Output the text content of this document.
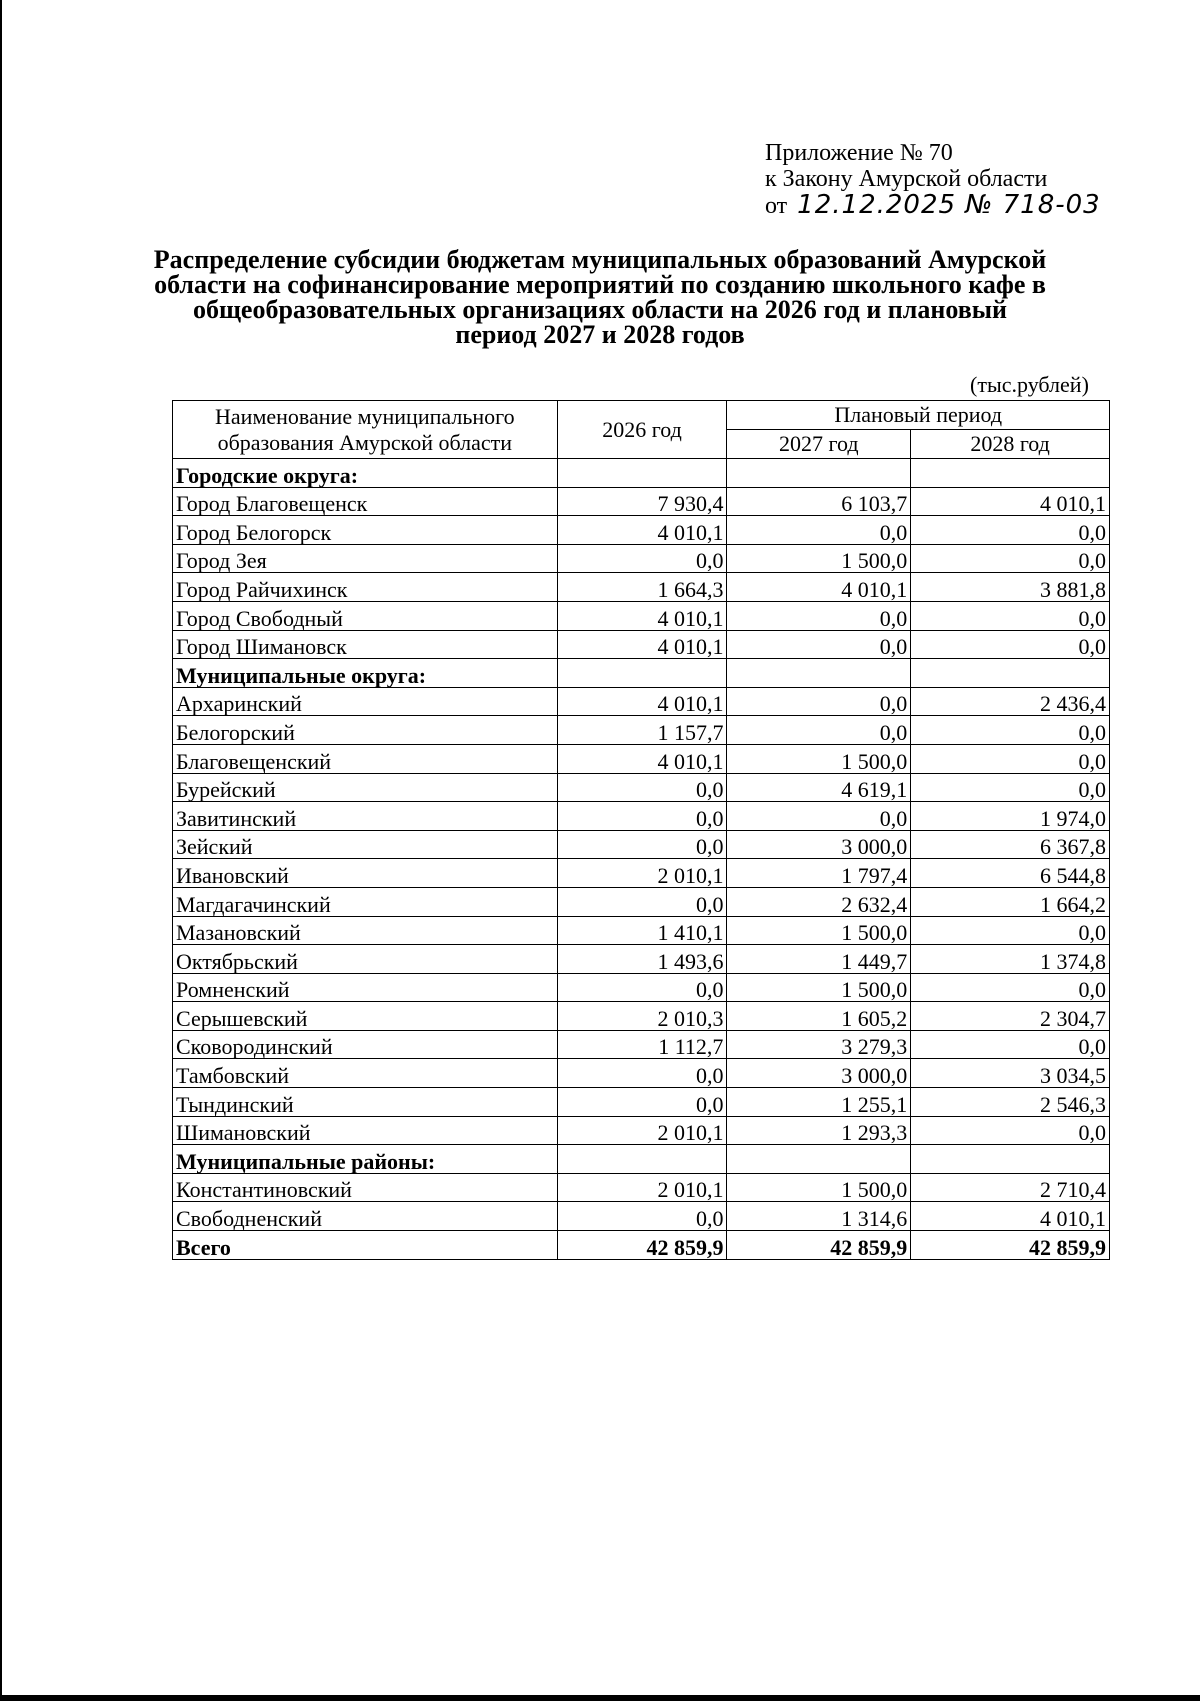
Приложение № 70
к Закону Амурской области
от 12.12.2025 № 718-03
Распределение субсидии бюджетам муниципальных образований Амурской области на софинансирование мероприятий по созданию школьного кафе в общеобразовательных организациях области на 2026 год и плановый период 2027 и 2028 годов
(тыс.рублей)
Наименование муниципального образования Амурской области	2026 год	Плановый период	
		2027 год	2028 год
Городские округа:			
Город Благовещенск	7 930,4	6 103,7	4 010,1
Город Белогорск	4 010,1	0,0	0,0
Город Зея	0,0	1 500,0	0,0
Город Райчихинск	1 664,3	4 010,1	3 881,8
Город Свободный	4 010,1	0,0	0,0
Город Шимановск	4 010,1	0,0	0,0
Муниципальные округа:			
Архаринский	4 010,1	0,0	2 436,4
Белогорский	1 157,7	0,0	0,0
Благовещенский	4 010,1	1 500,0	0,0
Бурейский	0,0	4 619,1	0,0
Завитинский	0,0	0,0	1 974,0
Зейский	0,0	3 000,0	6 367,8
Ивановский	2 010,1	1 797,4	6 544,8
Магдагачинский	0,0	2 632,4	1 664,2
Мазановский	1 410,1	1 500,0	0,0
Октябрьский	1 493,6	1 449,7	1 374,8
Ромненский	0,0	1 500,0	0,0
Серышевский	2 010,3	1 605,2	2 304,7
Сковородинский	1 112,7	3 279,3	0,0
Тамбовский	0,0	3 000,0	3 034,5
Тындинский	0,0	1 255,1	2 546,3
Шимановский	2 010,1	1 293,3	0,0
Муниципальные районы:			
Константиновский	2 010,1	1 500,0	2 710,4
Свободненский	0,0	1 314,6	4 010,1
Всего	42 859,9	42 859,9	42 859,9
